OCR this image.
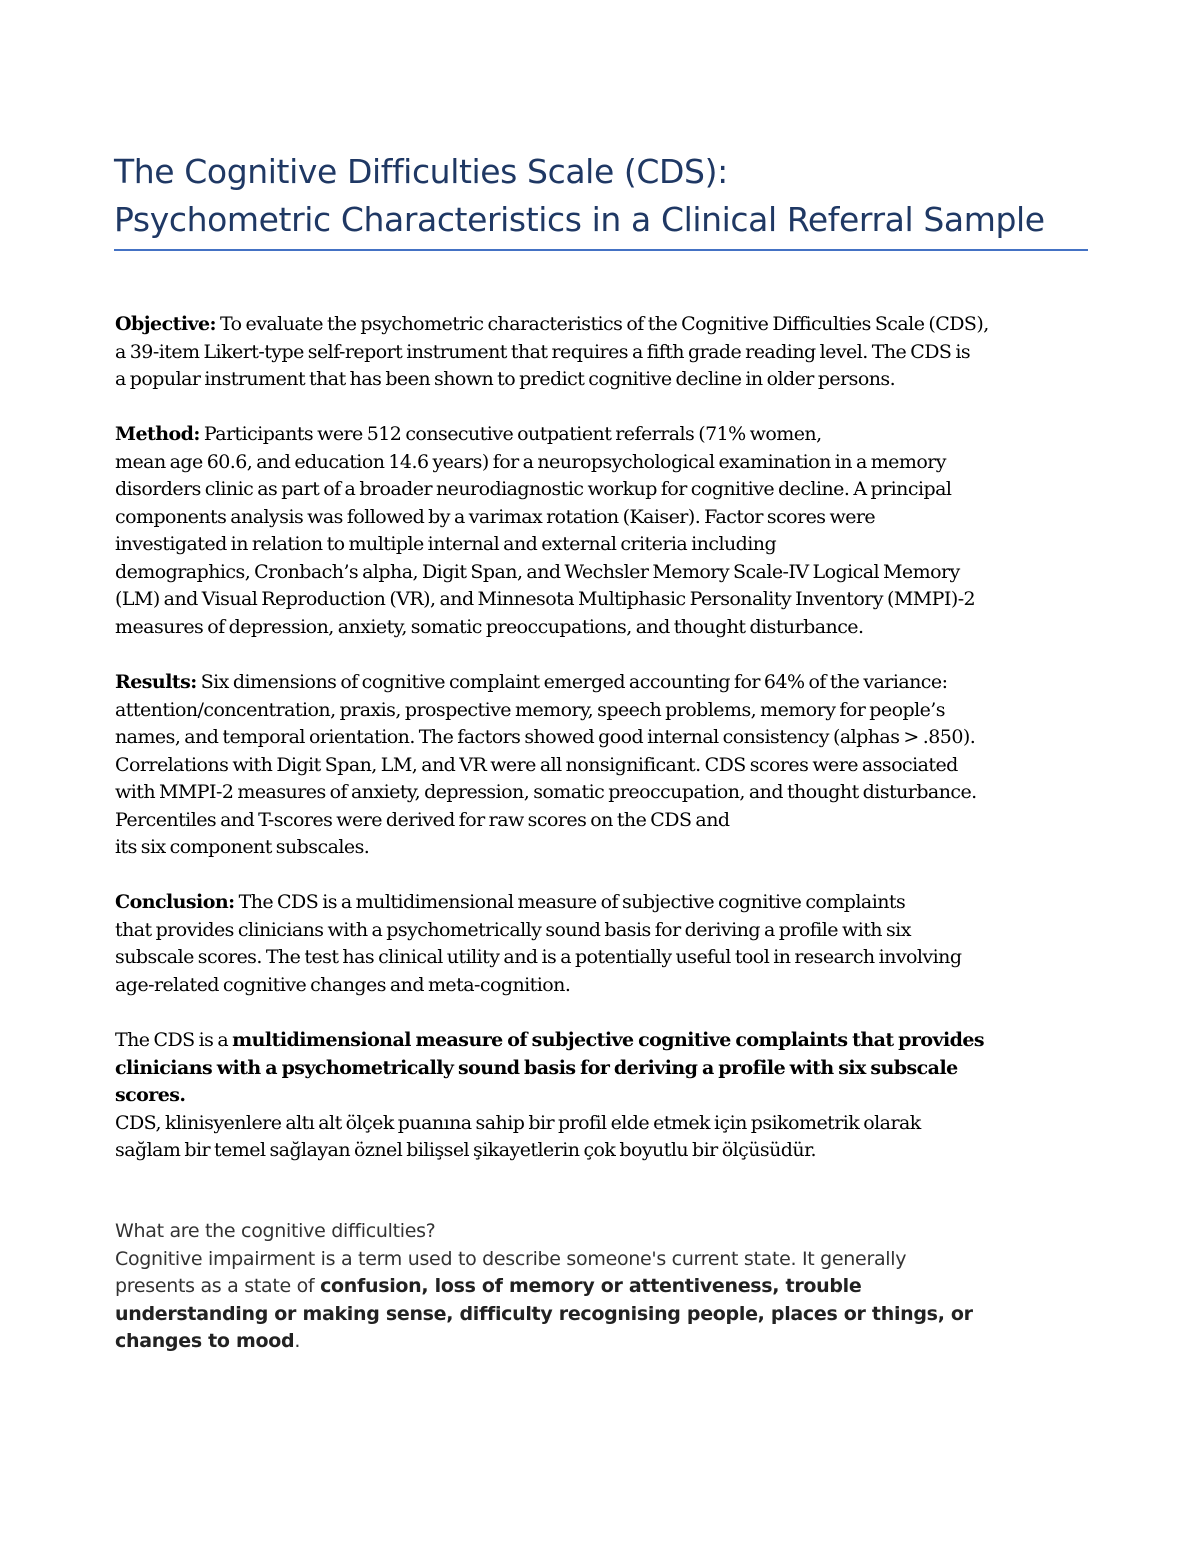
The Cognitive Difficulties Scale (CDS):
Psychometric Characteristics in a Clinical Referral Sample
Objective: To evaluate the psychometric characteristics of the Cognitive Difficulties Scale (CDS),
a 39-item Likert-type self-report instrument that requires a fifth grade reading level. The CDS is
a popular instrument that has been shown to predict cognitive decline in older persons.
Method: Participants were 512 consecutive outpatient referrals (71% women,
mean age 60.6, and education 14.6 years) for a neuropsychological examination in a memory
disorders clinic as part of a broader neurodiagnostic workup for cognitive decline. A principal
components analysis was followed by a varimax rotation (Kaiser). Factor scores were
investigated in relation to multiple internal and external criteria including
demographics, Cronbach’s alpha, Digit Span, and Wechsler Memory Scale-IV Logical Memory
(LM) and Visual Reproduction (VR), and Minnesota Multiphasic Personality Inventory (MMPI)-2
measures of depression, anxiety, somatic preoccupations, and thought disturbance.
Results: Six dimensions of cognitive complaint emerged accounting for 64% of the variance:
attention/concentration, praxis, prospective memory, speech problems, memory for people’s
names, and temporal orientation. The factors showed good internal consistency (alphas > .850).
Correlations with Digit Span, LM, and VR were all nonsignificant. CDS scores were associated
with MMPI-2 measures of anxiety, depression, somatic preoccupation, and thought disturbance.
Percentiles and T-scores were derived for raw scores on the CDS and
its six component subscales.
Conclusion: The CDS is a multidimensional measure of subjective cognitive complaints
that provides clinicians with a psychometrically sound basis for deriving a profile with six
subscale scores. The test has clinical utility and is a potentially useful tool in research involving
age-related cognitive changes and meta-cognition.
The CDS is a multidimensional measure of subjective cognitive complaints that provides
clinicians with a psychometrically sound basis for deriving a profile with six subscale
scores.
CDS, klinisyenlere altı alt ölçek puanına sahip bir profil elde etmek için psikometrik olarak
sağlam bir temel sağlayan öznel bilişsel şikayetlerin çok boyutlu bir ölçüsüdür.
What are the cognitive difficulties?
Cognitive impairment is a term used to describe someone's current state. It generally
presents as a state of confusion, loss of memory or attentiveness, trouble
understanding or making sense, difficulty recognising people, places or things, or
changes to mood.
